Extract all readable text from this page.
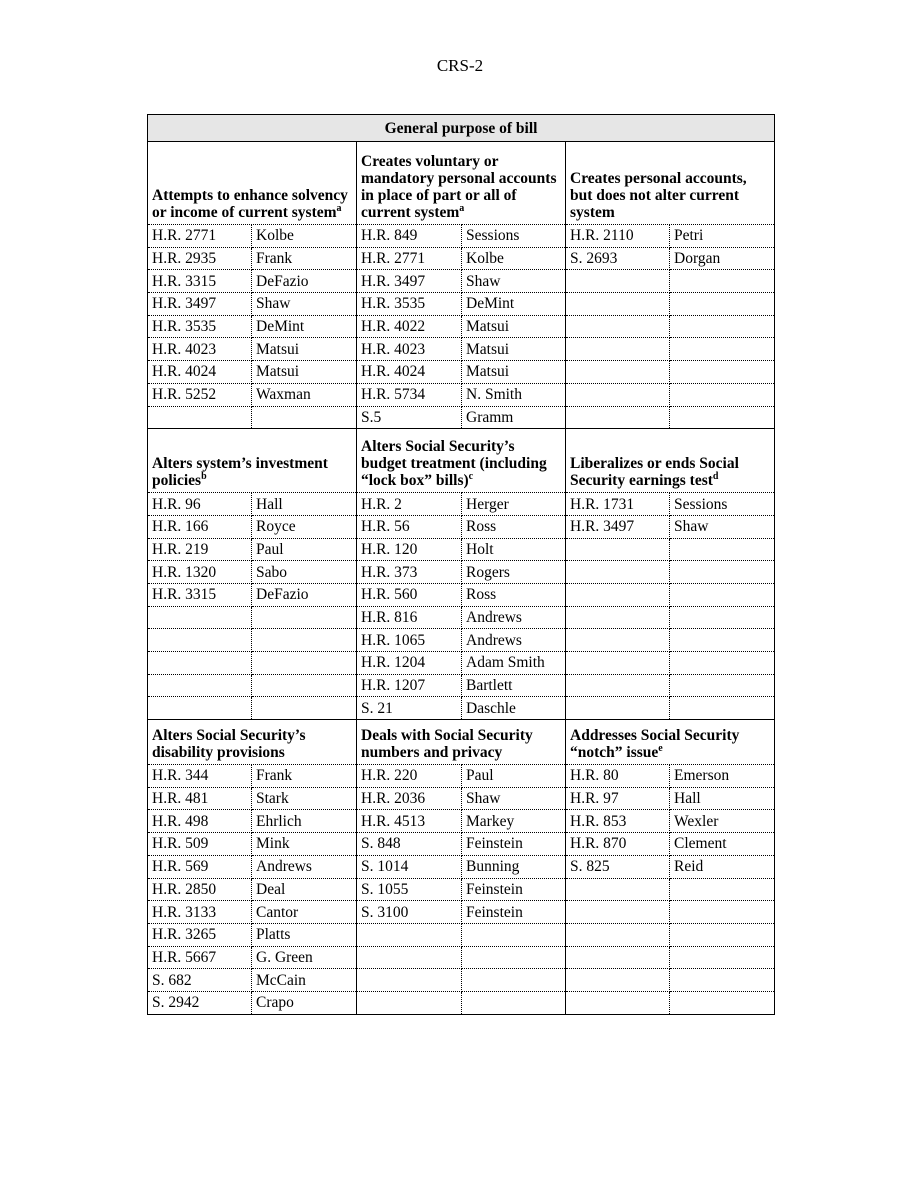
CRS-2
General purpose of bill					
Attempts to enhance solvency or income of current system$^a$		Creates voluntary or mandatory personal accounts in place of part or all of current system$^a$		Creates personal accounts, but does not alter current system	
H.R. 2771	Kolbe	H.R. 849	Sessions	H.R. 2110	Petri
H.R. 2935	Frank	H.R. 2771	Kolbe	S. 2693	Dorgan
H.R. 3315	DeFazio	H.R. 3497	Shaw		
H.R. 3497	Shaw	H.R. 3535	DeMint		
H.R. 3535	DeMint	H.R. 4022	Matsui		
H.R. 4023	Matsui	H.R. 4023	Matsui		
H.R. 4024	Matsui	H.R. 4024	Matsui		
H.R. 5252	Waxman	H.R. 5734	N. Smith		
		S.5	Gramm		
Alters system’s investment policies$^b$		Alters Social Security’s budget treatment (including “lock box” bills)$^c$		Liberalizes or ends Social Security earnings test$^d$
H.R. 96	Hall	H.R. 2	Herger	H.R. 1731	Sessions
H.R. 166	Royce	H.R. 56	Ross	H.R. 3497	Shaw
H.R. 219	Paul	H.R. 120	Holt		
H.R. 1320	Sabo	H.R. 373	Rogers		
H.R. 3315	DeFazio	H.R. 560	Ross		
		H.R. 816	Andrews		
		H.R. 1065	Andrews		
		H.R. 1204	Adam Smith		
		H.R. 1207	Bartlett		
		S. 21	Daschle		
Alters Social Security’s disability provisions		Deals with Social Security numbers and privacy		Addresses Social Security “notch” issue$^e$
H.R. 344	Frank	H.R. 220	Paul	H.R. 80	Emerson
H.R. 481	Stark	H.R. 2036	Shaw	H.R. 97	Hall
H.R. 498	Ehrlich	H.R. 4513	Markey	H.R. 853	Wexler
H.R. 509	Mink	S. 848	Feinstein	H.R. 870	Clement
H.R. 569	Andrews	S. 1014	Bunning	S. 825	Reid
H.R. 2850	Deal	S. 1055	Feinstein		
H.R. 3133	Cantor	S. 3100	Feinstein		
H.R. 3265	Platts				
H.R. 5667	G. Green				
S. 682	McCain				
S. 2942	Crapo				
